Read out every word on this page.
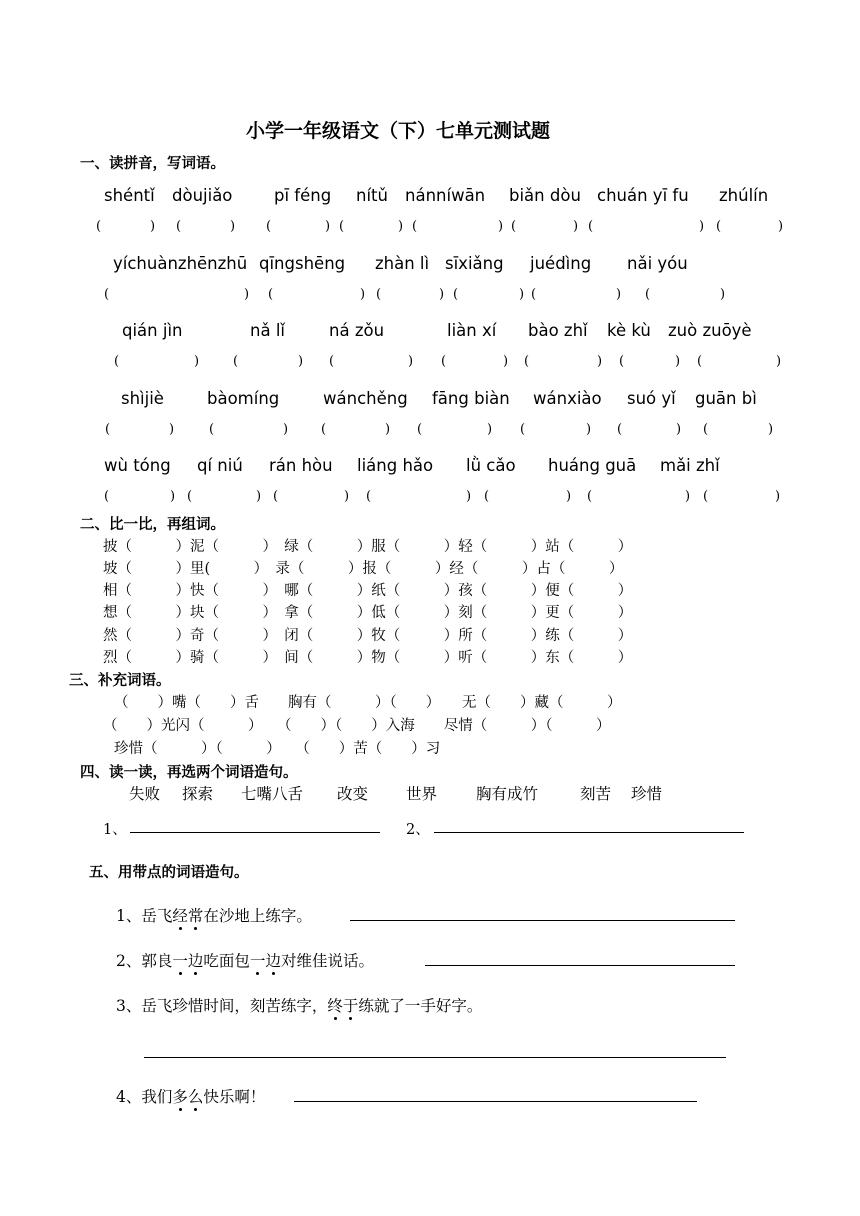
小学一年级语文（下）七单元测试题
一、读拼音，写词语。
shéntǐ dòujiǎo	pī féng nítǔ nánníwān biǎn dòu chuán yī fu zhúlín
(	) (	) (	) (	) (	) (	) (	) (	)
yíchuànzhēnzhū qīngshēng zhàn lì sīxiǎng juédìng nǎi yóu
(	) (	) (	) (	) (	) (	)
qián jìn	nǎ lǐ	ná zǒu	liàn xí bào zhǐ kè kù zuò zuōyè
(	)	(	) (	) (	) (	) (	) (	)
shìjiè	bàomíng	wánchěng fāng biàn wánxiào suó yǐ guān bì
(	)	(	)	(	) (	) (	) (	) (	)
wù tóng qí niú rán hòu liáng hǎo lǜ cǎo huáng guā mǎi zhǐ
(	) (	) (	) (	) (	) (	) (	)
二、比一比，再组词。
披（　　　）泥（　　　）　绿（　　　）服（　　　）轻（　　　）站（　　　）
坡（　　　）里(　　　）　录（　　　）报（　　　）经（　　　）占（　　　）
相（　　　）快（　　　）　哪（　　　）纸（　　　）孩（　　　）便（　　　）
想（　　　）块（　　　）　拿（　　　）低（　　　）刻（　　　）更（　　　）
然（　　　）奇（　　　）　闭（　　　）牧（　　　）所（　　　）练（　　　）
烈（　　　）骑（　　　）　间（　　　）物（　　　）听（　　　）东（　　　）
三、补充词语。
（　　）嘴（　　）舌　　胸有（　　　）（　　）　　无（　　）藏（　　　）
（　　）光闪（　　　）　　（　　）（　　）入海　　尽情（　　　）（　　　）
珍惜（　　　）（　　　）　　（　　）苦（　　）习
四、读一读，再选两个词语造句。
失败 探索 七嘴八舌 改变 世界	胸有成竹	刻苦 珍惜
1、	2、
五、用带点的词语造句。
1、岳飞经常在沙地上练字。
2、郭良一边吃面包一边对维佳说话。
3、岳飞珍惜时间，刻苦练字，终于练就了一手好字。
4、我们多么快乐啊！
